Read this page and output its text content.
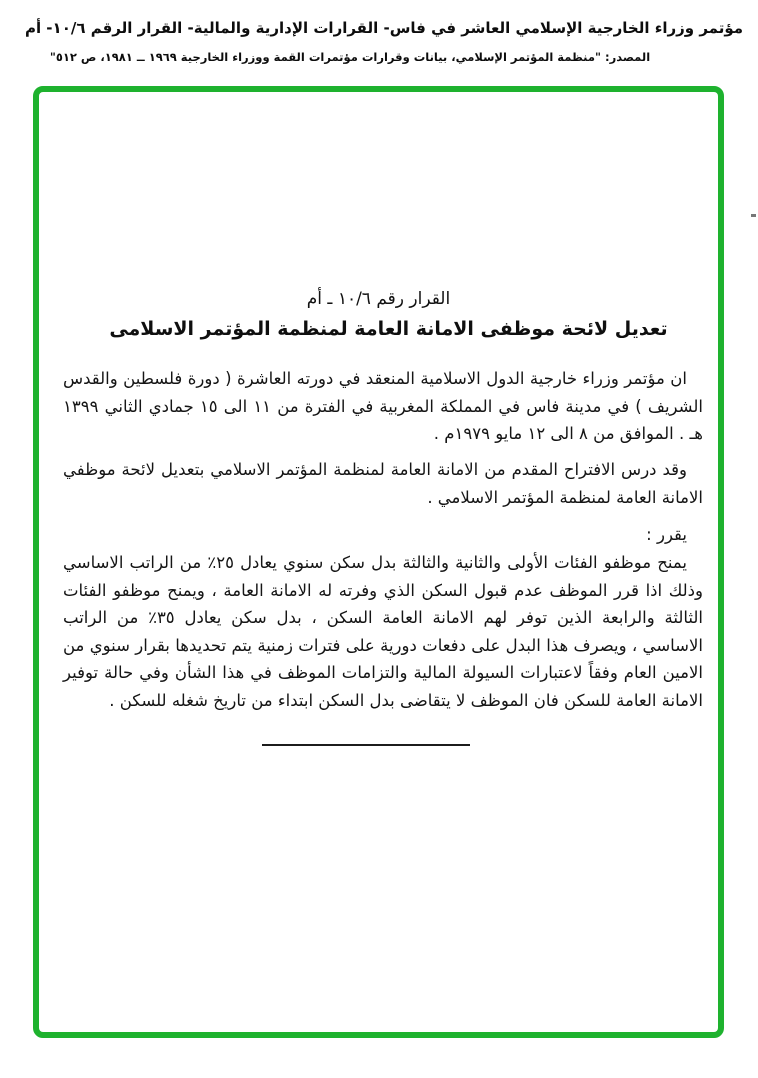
مؤتمر وزراء الخارجية الإسلامي العاشر في فاس- القرارات الإدارية والمالية- القرار الرقم ١٠/٦- أم
المصدر: "منظمة المؤتمر الإسلامي، بيانات وقرارات مؤتمرات القمة ووزراء الخارجية ١٩٦٩ ــ ١٩٨١، ص ٥١٢"
القرار رقم ١٠/٦ ـ أم
تعديل لائحة موظفى الامانة العامة لمنظمة المؤتمر الاسلامى

ان مؤتمر وزراء خارجية الدول الاسلامية المنعقد في دورته العاشرة ( دورة فلسطين والقدس الشريف ) في مدينة فاس في المملكة المغربية في الفترة من ١١ الى ١٥ جمادي الثاني ١٣٩٩ هـ . الموافق من ٨ الى ١٢ مايو ١٩٧٩م .

وقد درس الافتراح المقدم من الامانة العامة لمنظمة المؤتمر الاسلامي بتعديل لائحة موظفي الامانة العامة لمنظمة المؤتمر الاسلامي .

يقرر :

يمنح موظفو الفئات الأولى والثانية والثالثة بدل سكن سنوي يعادل ٢٥٪ من الراتب الاساسي وذلك اذا قرر الموظف عدم قبول السكن الذي وفرته له الامانة العامة ، ويمنح موظفو الفئات الثالثة والرابعة الذين توفر لهم الامانة العامة السكن ، بدل سكن يعادل ٣٥٪ من الراتب الاساسي ، ويصرف هذا البدل على دفعات دورية على فترات زمنية يتم تحديدها بقرار سنوي من الامين العام وفقاً لاعتبارات السيولة المالية والتزامات الموظف في هذا الشأن وفي حالة توفير الامانة العامة للسكن فان الموظف لا يتقاضى بدل السكن ابتداء من تاريخ شغله للسكن .
